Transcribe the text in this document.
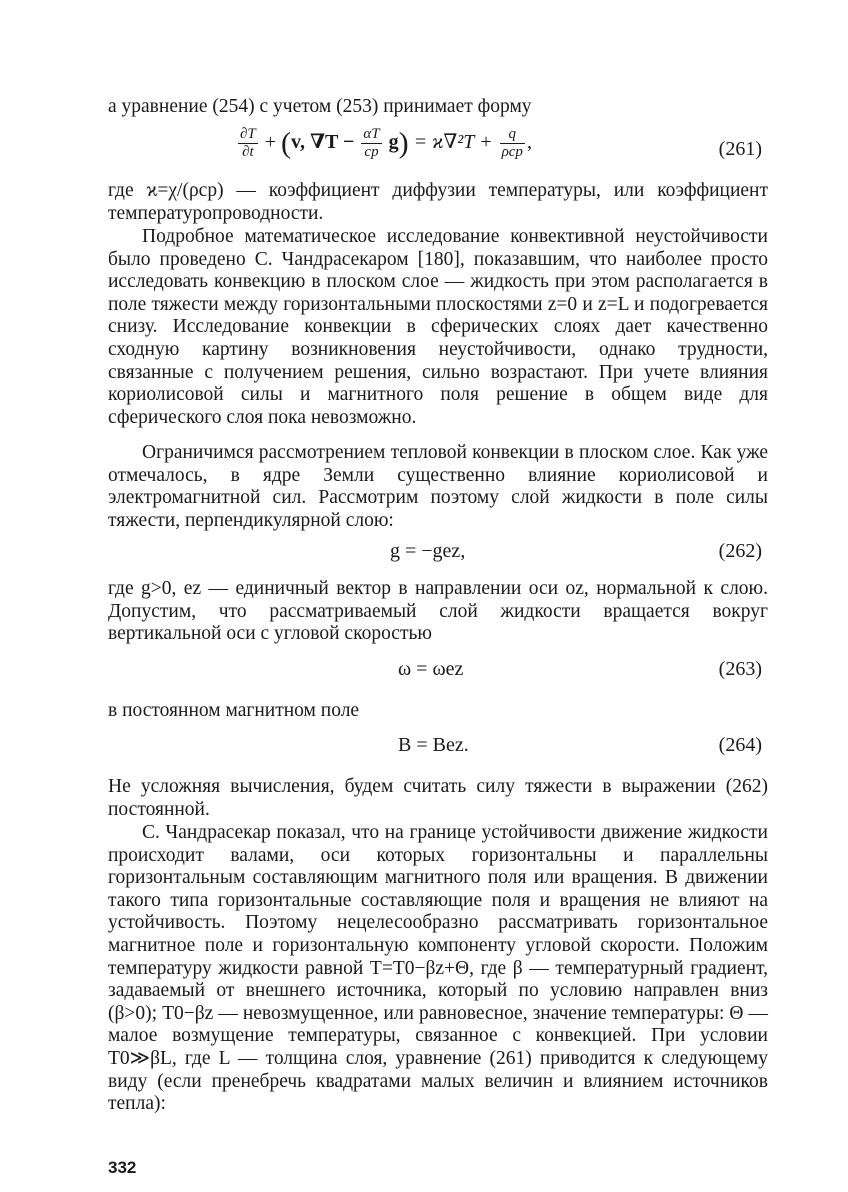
а уравнение (254) с учетом (253) принимает форму

$\frac{\partial T}{\partial t} + (v$, $\nabla T - \frac{\alpha T}{cp} g) = ϰ\nabla^2T + \frac{q}{\text{ρcp}}$ ,	(261)

где ϰ=χ/(ρcp) — коэффициент диффузии температуры, или коэффициент температуропроводности.

Подробное математическое исследование конвективной неустойчивости было проведено С. Чандрасекаром [180], показавшим, что наиболее просто исследовать конвекцию в плоском слое — жидкость при этом располагается в поле тяжести между горизонтальными плоскостями z=0 и z=L и подогревается снизу. Исследование конвекции в сферических слоях дает качественно сходную картину возникновения неустойчивости, однако трудности, связанные с получением решения, сильно возрастают. При учете влияния кориолисовой силы и магнитного поля решение в общем виде для сферического слоя пока невозможно.

Ограничимся рассмотрением тепловой конвекции в плоском слое. Как уже отмечалось, в ядре Земли существенно влияние кориолисовой и электромагнитной сил. Рассмотрим поэтому слой жидкости в поле силы тяжести, перпендикулярной слою:

g = −gez,	(262)

где g>0, ez — единичный вектор в направлении оси oz, нормальной к слою. Допустим, что рассматриваемый слой жидкости вращается вокруг вертикальной оси с угловой скоростью

ω = ωez	(263)

в постоянном магнитном поле

B = Bez.	(264)

Не усложняя вычисления, будем считать силу тяжести в выражении (262) постоянной.

С. Чандрасекар показал, что на границе устойчивости движение жидкости происходит валами, оси которых горизонтальны и параллельны горизонтальным составляющим магнитного поля или вращения. В движении такого типа горизонтальные составляющие поля и вращения не влияют на устойчивость. Поэтому нецелесообразно рассматривать горизонтальное магнитное поле и горизонтальную компоненту угловой скорости. Положим температуру жидкости равной T=T0−βz+Θ, где β — температурный градиент, задаваемый от внешнего источника, который по условию направлен вниз (β>0); T0−βz — невозмущенное, или равновесное, значение температуры: Θ — малое возмущение температуры, связанное с конвекцией. При условии T0≫βL, где L — толщина слоя, уравнение (261) приводится к следующему виду (если пренебречь квадратами малых величин и влиянием источников тепла):

332
